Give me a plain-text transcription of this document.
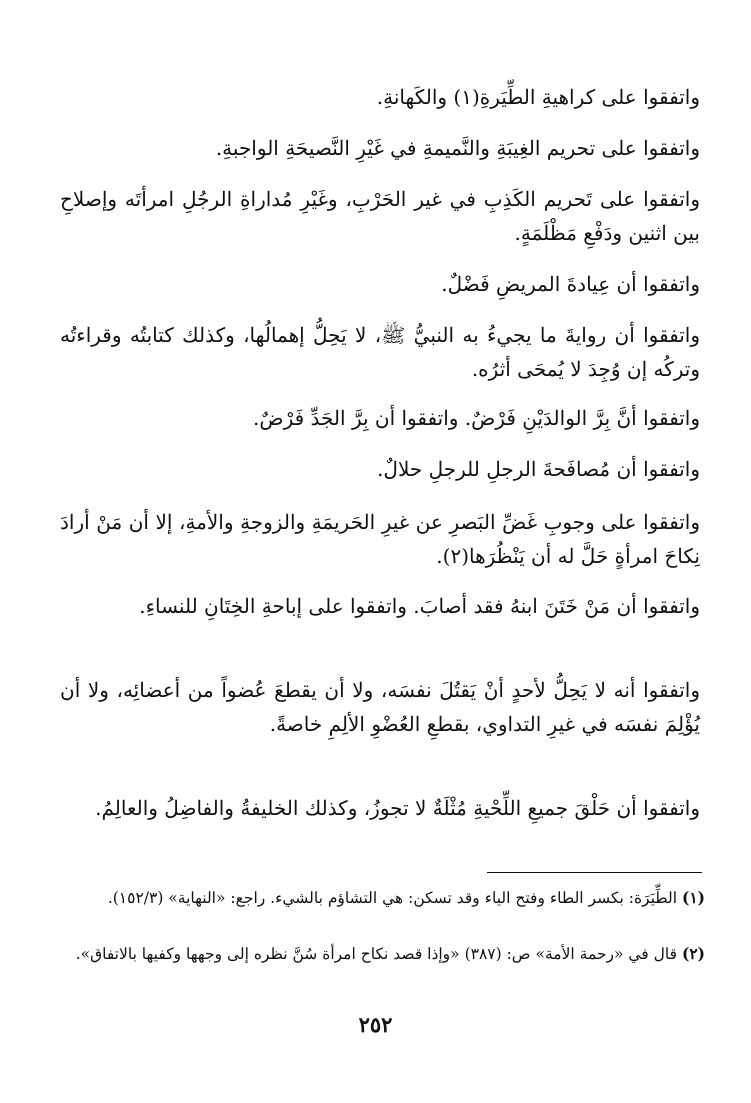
واتفقوا على كراهيةِ الطِّيَرةِ(١) والكَهانةِ.

واتفقوا على تحريم الغِيبَةِ والنَّميمةِ في غَيْرِ النَّصيحَةِ الواجبةِ.

واتفقوا على تَحريم الكَذِبِ في غير الحَرْبِ، وغَيْرِ مُداراةِ الرجُلِ امرأتَه وإصلاحِ بين اثنين ودَفْعِ مَظْلَمَةٍ.

واتفقوا أن عِيادةَ المريضِ فَضْلٌ.

واتفقوا أن روايةَ ما يجيءُ به النبيُّ ﷺ، لا يَحِلُّ إهمالُها، وكذلك كتابتُه وقراءتُه وتركُه إن وُجِدَ لا يُمحَى أثرُه.

واتفقوا أنَّ بِرَّ الوالدَيْنِ فَرْضٌ. واتفقوا أن بِرَّ الجَدِّ فَرْضٌ.

واتفقوا أن مُصافَحةَ الرجلِ للرجلِ حلالٌ.

واتفقوا على وجوبِ غَضِّ البَصرِ عن غيرِ الحَريمَةِ والزوجةِ والأمةِ، إلا أن مَنْ أرادَ نِكاحَ امرأةٍ حَلَّ له أن يَنْظُرَها(٢).

واتفقوا أن مَنْ خَتَنَ ابنهُ فقد أصابَ. واتفقوا على إباحةِ الخِتَانِ للنساءِ.

واتفقوا أنه لا يَحِلُّ لأحدٍ أنْ يَقتُلَ نفسَه، ولا أن يقطعَ عُضواً من أعضائِه، ولا أن يُؤْلِمَ نفسَه في غيرِ التداوي، بقطعِ العُضْوِ الألِمِ خاصةً.

واتفقوا أن حَلْقَ جميعِ اللِّحْيةِ مُثْلَةٌ لا تجوزُ، وكذلك الخليفةُ والفاضِلُ والعالِمُ.

(١) الطِّيَرَة: بكسر الطاء وفتح الياء وقد تسكن: هي التشاؤم بالشيء. راجع: «النهاية» (١٥٢/٣).

(٢) قال في «رحمة الأمة» ص: (٣٨٧) «وإذا قصد نكاح امرأة سُنَّ نظره إلى وجهها وكفيها بالاتفاق».

٢٥٢
